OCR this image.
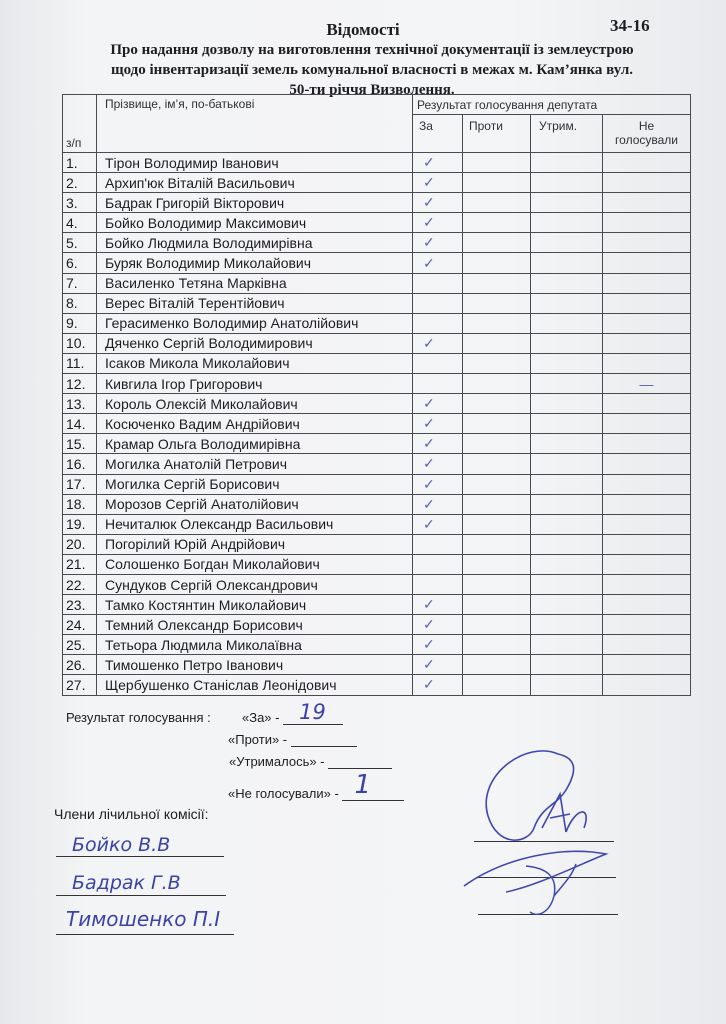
Відомості	34-16
Про надання дозволу на виготовлення технічної документації із землеустрою
щодо інвентаризації земель комунальної власності в межах м. Кам’янка вул.
50-ти річчя Визволення.
з/п	Прізвище, ім’я, по-батькові	Результат голосування депутата			
		За	Проти	Утрим.	Не
голосували

1.	Тірон Володимир Іванович	✓			
2.	Архип'юк Віталій Васильович	✓			
3.	Бадрак Григорій Вікторович	✓			
4.	Бойко Володимир Максимович	✓			
5.	Бойко Людмила Володимирівна	✓			
6.	Буряк Володимир Миколайович	✓			
7.	Василенко Тетяна Марківна				
8.	Верес Віталій Терентійович				
9.	Герасименко Володимир Анатолійович				
10.	Дяченко Сергій Володимирович	✓			
11.	Ісаков Микола Миколайович				
12.	Кивгила Ігор Григорович				—
13.	Король Олексій Миколайович	✓			
14.	Косюченко Вадим Андрійович	✓			
15.	Крамар Ольга Володимирівна	✓			
16.	Могилка Анатолій Петрович	✓			
17.	Могилка Сергій Борисович	✓			
18.	Морозов Сергій Анатолійович	✓			
19.	Нечиталюк Олександр Васильович	✓			
20.	Погорілий Юрій Андрійович				
21.	Солошенко Богдан Миколайович				
22.	Сундуков Сергій Олександрович				
23.	Тамко Костянтин Миколайович	✓			
24.	Темний Олександр Борисович	✓			
25.	Тетьора Людмила Миколаївна	✓			
26.	Тимошенко Петро Іванович	✓			
27.	Щербушенко Станіслав Леонідович	✓			
Результат голосування : «За» - 19
«Проти» -
«Утрималось» -
«Не голосували» - 1
Члени лічильної комісії:
Бойко В.В
Бадрак Г.В
Тимошенко П.І
